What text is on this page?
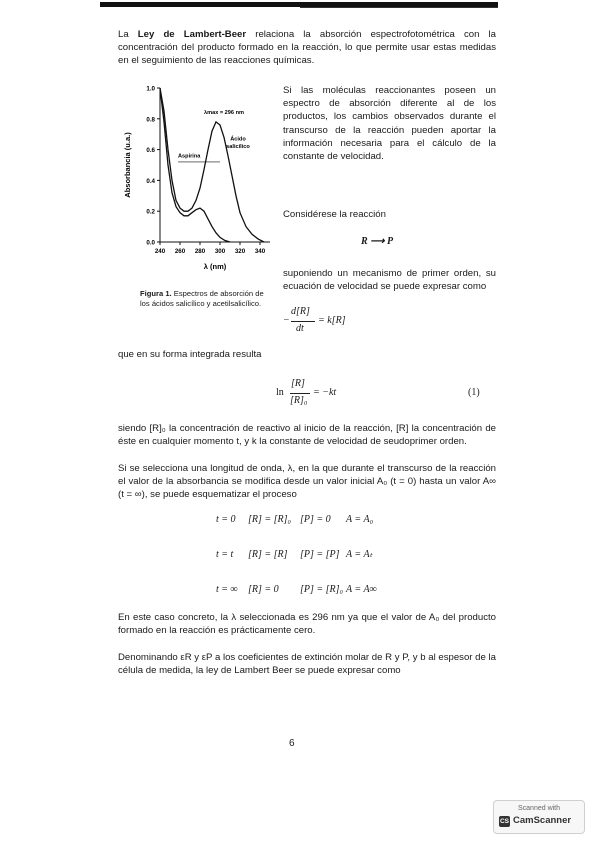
La Ley de Lambert-Beer relaciona la absorción espectrofotométrica con la concentración del producto formado en la reacción, lo que permite usar estas medidas en el seguimiento de las reacciones químicas.
0.0
0.2
0.4
0.6
0.8
1.0
240 260 280 300 320 340
λ (nm)
Absorbancia (u.a.)	Aspirina
Ácido
salicílico
λmax = 296 nm
Figura 1. Espectros de absorción de los ácidos salicílico y acetilsalicílico.
Si las moléculas reaccionantes poseen un espectro de absorción diferente al de los productos, los cambios observados durante el transcurso de la reacción pueden aportar la información necesaria para el cálculo de la constante de velocidad.
Considérese la reacción
R ⟶ P
suponiendo un mecanismo de primer orden, su ecuación de velocidad se puede expresar como
−
d[R]
dt
= k[R]
que en su forma integrada resulta
ln
[R]
[R]₀
= −kt	(1)
siendo [R]₀ la concentración de reactivo al inicio de la reacción, [R] la concentración de éste en cualquier momento t, y k la constante de velocidad de seudoprimer orden.
Si se selecciona una longitud de onda, λ, en la que durante el transcurso de la reacción el valor de la absorbancia se modifica desde un valor inicial A₀ (t = 0) hasta un valor A∞ (t = ∞), se puede esquematizar el proceso
t = 0 [R] = [R]₀ [P] = 0 A = A₀
t = t [R] = [R] [P] = [P] A = Aₜ
t = ∞ [R] = 0 [P] = [R]₀ A = A∞
En este caso concreto, la λ seleccionada es 296 nm ya que el valor de A₀ del producto formado en la reacción es prácticamente cero.
Denominando εR y εP a los coeficientes de extinción molar de R y P, y b al espesor de la célula de medida, la ley de Lambert Beer se puede expresar como
6
Scanned with
CS CamScanner
